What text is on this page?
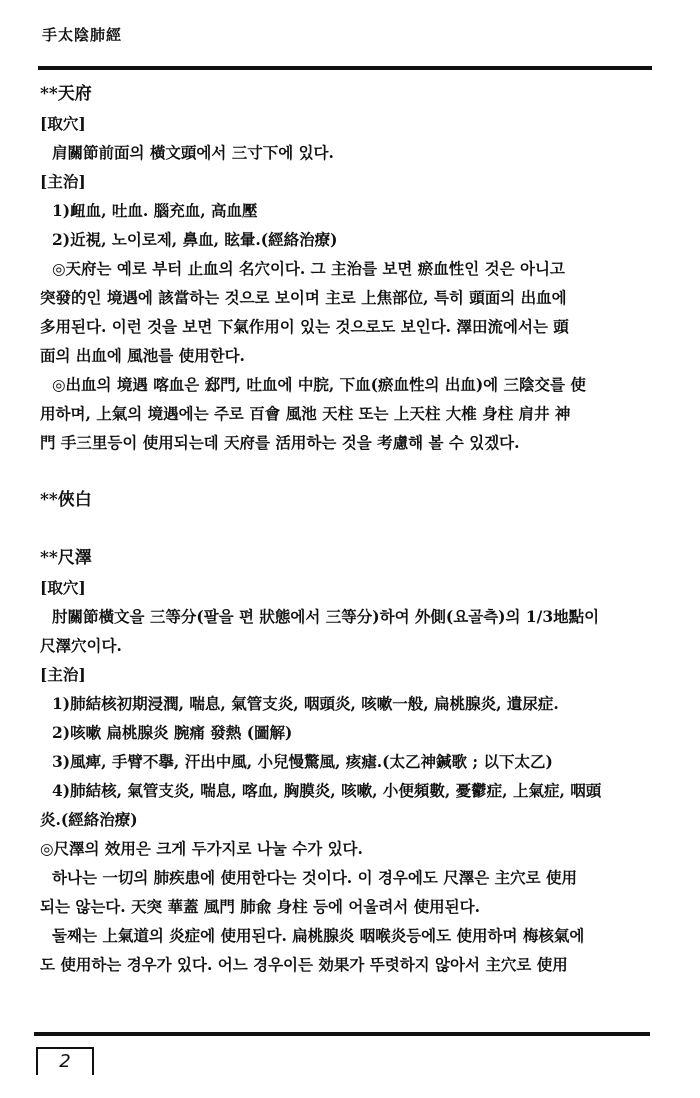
手太陰肺經
**天府
[取穴]
肩關節前面의 橫文頭에서 三寸下에 있다.
[主治]
1)衄血, 吐血. 腦充血, 高血壓
2)近視, 노이로제, 鼻血, 眩暈.(經絡治療)
◎天府는 예로 부터 止血의 名穴이다. 그 主治를 보면 瘀血性인 것은 아니고
突發的인 境遇에 該當하는 것으로 보이며 主로 上焦部位, 특히 頭面의 出血에
多用된다. 이런 것을 보면 下氣作用이 있는 것으로도 보인다. 澤田流에서는 頭
面의 出血에 風池를 使用한다.
◎出血의 境遇 喀血은 郄門, 吐血에 中脘, 下血(瘀血性의 出血)에 三陰交를 使
用하며, 上氣의 境遇에는 주로 百會 風池 天柱 또는 上天柱 大椎 身柱 肩井 神
門 手三里등이 使用되는데 天府를 活用하는 것을 考慮해 볼 수 있겠다.
**俠白
**尺澤
[取穴]
肘關節橫文을 三等分(팔을 편 狀態에서 三等分)하여 外側(요골측)의 1/3地點이
尺澤穴이다.
[主治]
1)肺結核初期浸潤, 喘息, 氣管支炎, 咽頭炎, 咳嗽一般, 扁桃腺炎, 遺尿症.
2)咳嗽 扁桃腺炎 腕痛 發熱 (圖解)
3)風痺, 手臂不擧, 汗出中風, 小兒慢驚風, 痎瘧.(太乙神鍼歌 ; 以下太乙)
4)肺結核, 氣管支炎, 喘息, 喀血, 胸膜炎, 咳嗽, 小便頻數, 憂鬱症, 上氣症, 咽頭
炎.(經絡治療)
◎尺澤의 效用은 크게 두가지로 나눌 수가 있다.
하나는 一切의 肺疾患에 使用한다는 것이다. 이 경우에도 尺澤은 主穴로 使用
되는 않는다. 天突 華蓋 風門 肺兪 身柱 등에 어울려서 使用된다.
둘째는 上氣道의 炎症에 使用된다. 扁桃腺炎 咽喉炎등에도 使用하며 梅核氣에
도 使用하는 경우가 있다. 어느 경우이든 効果가 뚜렷하지 않아서 主穴로 使用
2
